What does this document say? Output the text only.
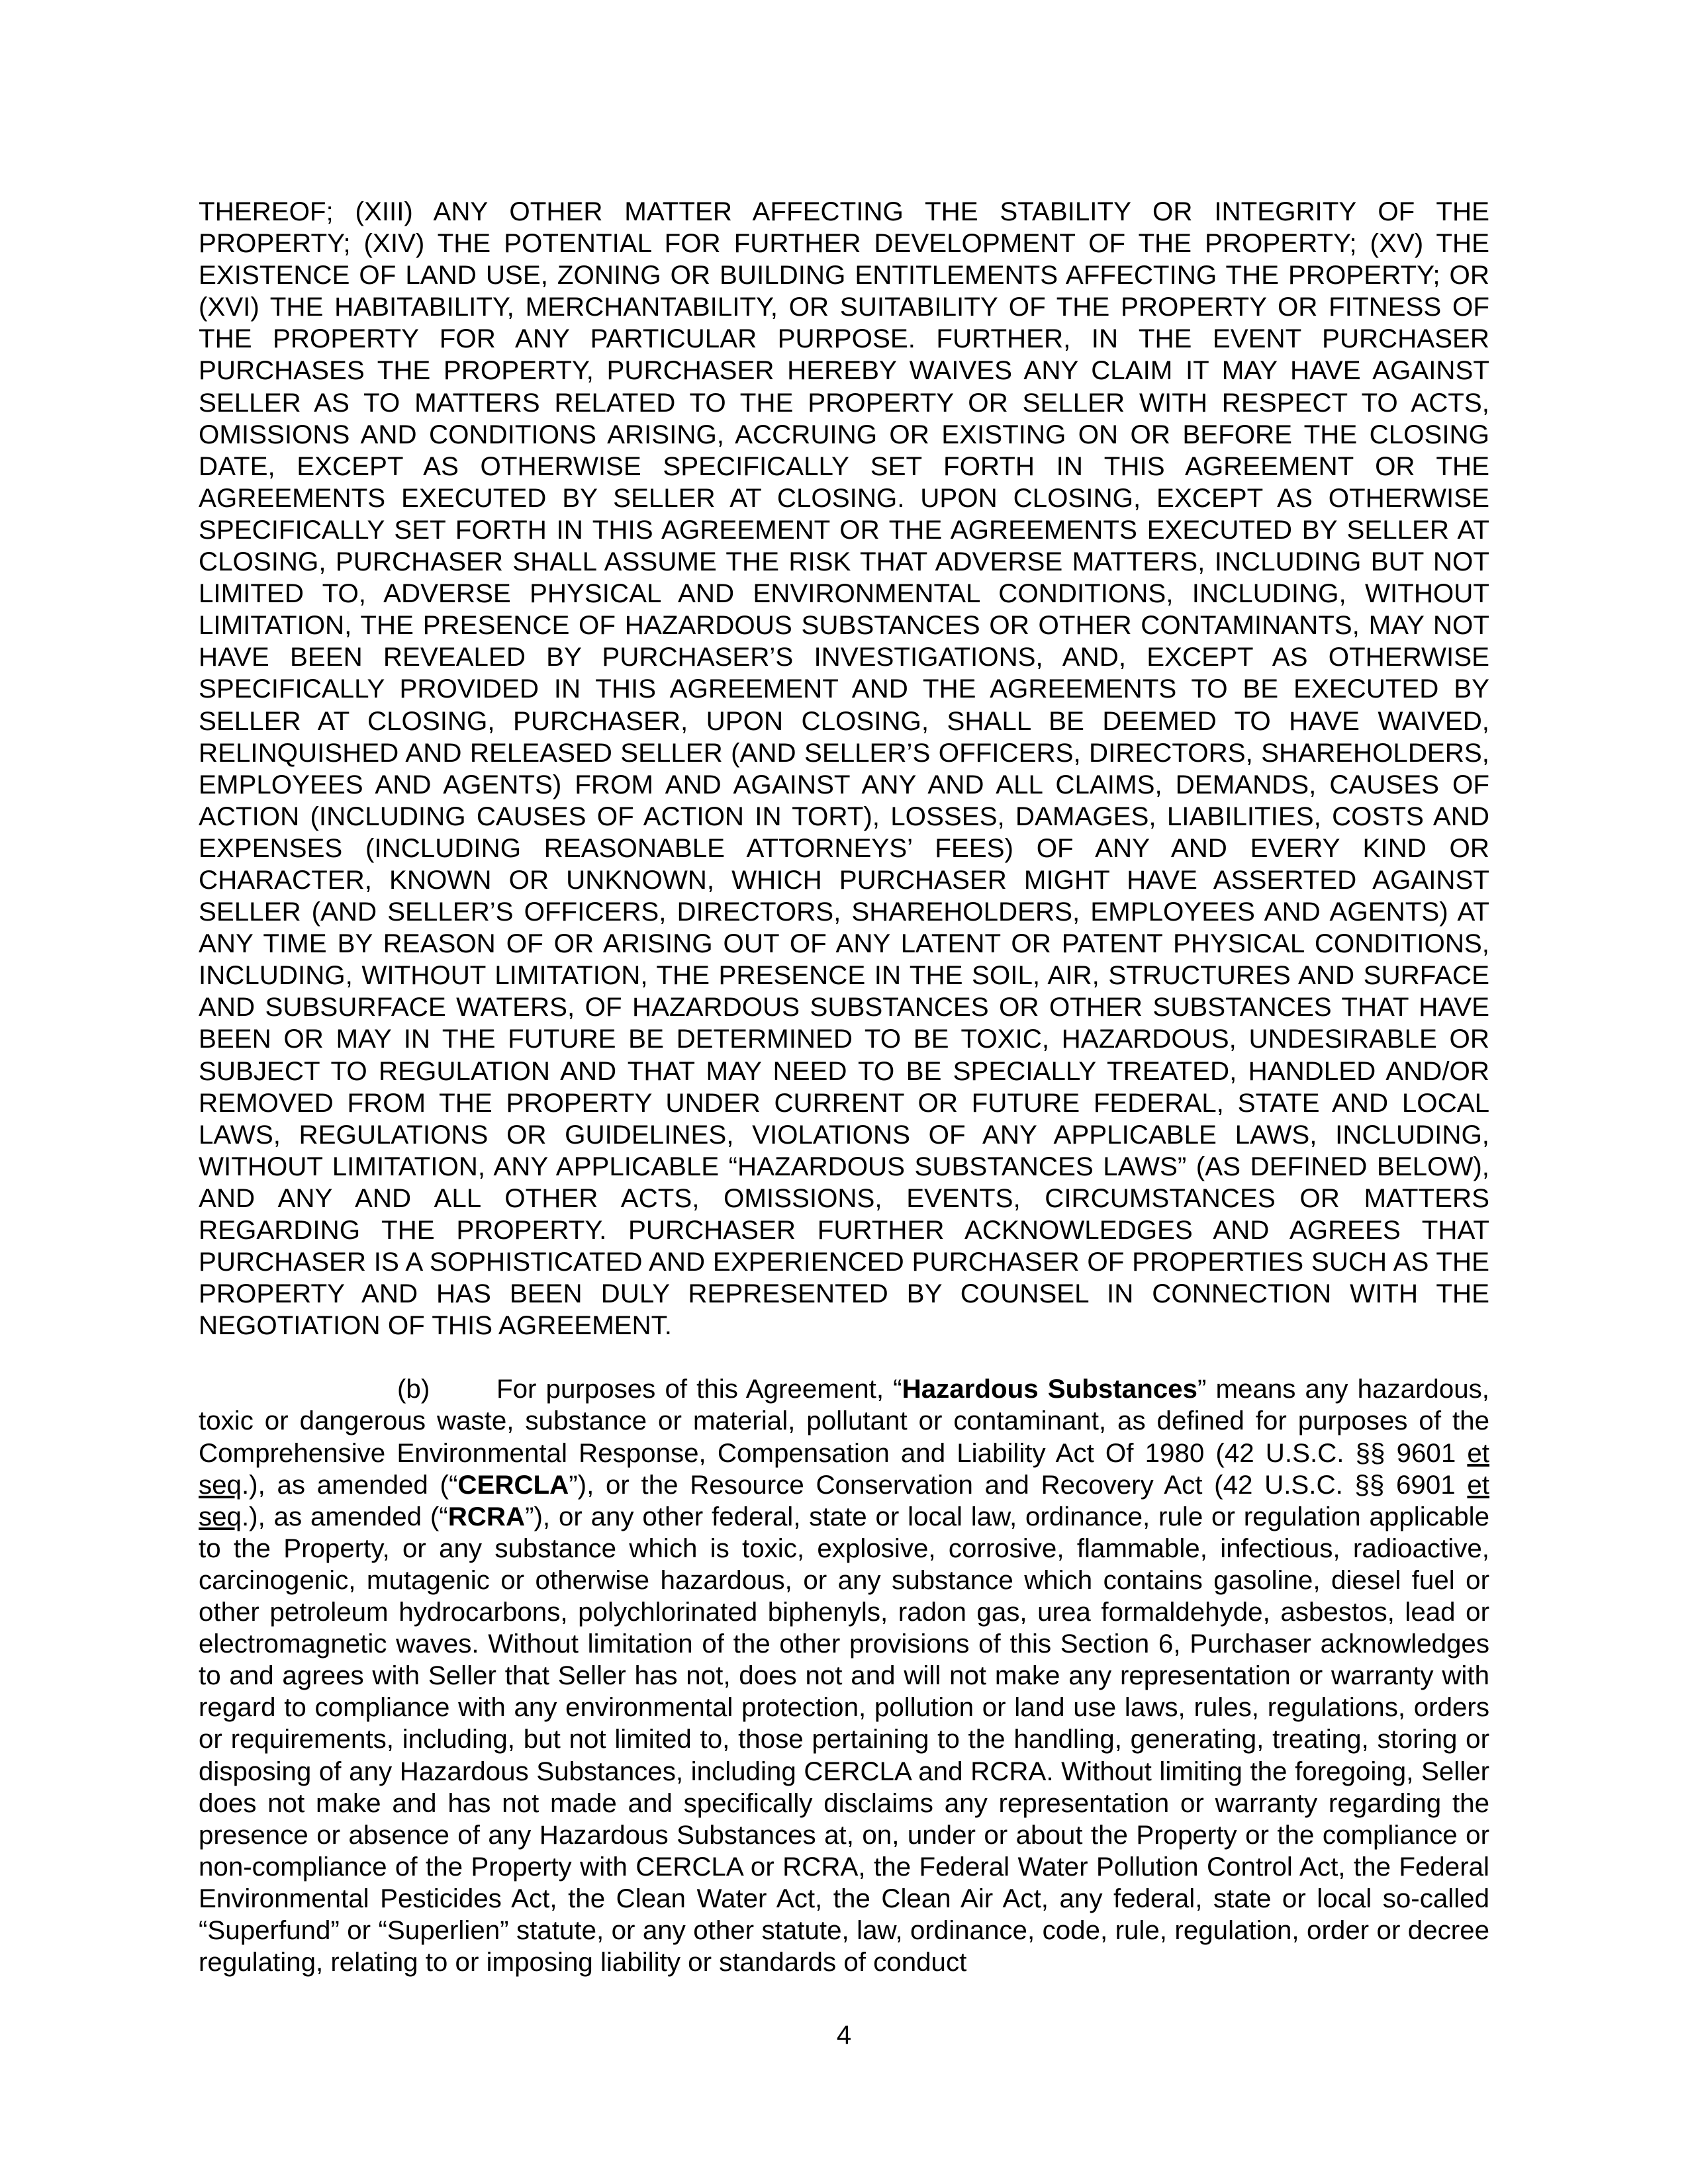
THEREOF; (XIII) ANY OTHER MATTER AFFECTING THE STABILITY OR INTEGRITY OF THE PROPERTY; (XIV) THE POTENTIAL FOR FURTHER DEVELOPMENT OF THE PROPERTY; (XV) THE EXISTENCE OF LAND USE, ZONING OR BUILDING ENTITLEMENTS AFFECTING THE PROPERTY; OR (XVI) THE HABITABILITY, MERCHANTABILITY, OR SUITABILITY OF THE PROPERTY OR FITNESS OF THE PROPERTY FOR ANY PARTICULAR PURPOSE. FURTHER, IN THE EVENT PURCHASER PURCHASES THE PROPERTY, PURCHASER HEREBY WAIVES ANY CLAIM IT MAY HAVE AGAINST SELLER AS TO MATTERS RELATED TO THE PROPERTY OR SELLER WITH RESPECT TO ACTS, OMISSIONS AND CONDITIONS ARISING, ACCRUING OR EXISTING ON OR BEFORE THE CLOSING DATE, EXCEPT AS OTHERWISE SPECIFICALLY SET FORTH IN THIS AGREEMENT OR THE AGREEMENTS EXECUTED BY SELLER AT CLOSING. UPON CLOSING, EXCEPT AS OTHERWISE SPECIFICALLY SET FORTH IN THIS AGREEMENT OR THE AGREEMENTS EXECUTED BY SELLER AT CLOSING, PURCHASER SHALL ASSUME THE RISK THAT ADVERSE MATTERS, INCLUDING BUT NOT LIMITED TO, ADVERSE PHYSICAL AND ENVIRONMENTAL CONDITIONS, INCLUDING, WITHOUT LIMITATION, THE PRESENCE OF HAZARDOUS SUBSTANCES OR OTHER CONTAMINANTS, MAY NOT HAVE BEEN REVEALED BY PURCHASER’S INVESTIGATIONS, AND, EXCEPT AS OTHERWISE SPECIFICALLY PROVIDED IN THIS AGREEMENT AND THE AGREEMENTS TO BE EXECUTED BY SELLER AT CLOSING, PURCHASER, UPON CLOSING, SHALL BE DEEMED TO HAVE WAIVED, RELINQUISHED AND RELEASED SELLER (AND SELLER’S OFFICERS, DIRECTORS, SHAREHOLDERS, EMPLOYEES AND AGENTS) FROM AND AGAINST ANY AND ALL CLAIMS, DEMANDS, CAUSES OF ACTION (INCLUDING CAUSES OF ACTION IN TORT), LOSSES, DAMAGES, LIABILITIES, COSTS AND EXPENSES (INCLUDING REASONABLE ATTORNEYS’ FEES) OF ANY AND EVERY KIND OR CHARACTER, KNOWN OR UNKNOWN, WHICH PURCHASER MIGHT HAVE ASSERTED AGAINST SELLER (AND SELLER’S OFFICERS, DIRECTORS, SHAREHOLDERS, EMPLOYEES AND AGENTS) AT ANY TIME BY REASON OF OR ARISING OUT OF ANY LATENT OR PATENT PHYSICAL CONDITIONS, INCLUDING, WITHOUT LIMITATION, THE PRESENCE IN THE SOIL, AIR, STRUCTURES AND SURFACE AND SUBSURFACE WATERS, OF HAZARDOUS SUBSTANCES OR OTHER SUBSTANCES THAT HAVE BEEN OR MAY IN THE FUTURE BE DETERMINED TO BE TOXIC, HAZARDOUS, UNDESIRABLE OR SUBJECT TO REGULATION AND THAT MAY NEED TO BE SPECIALLY TREATED, HANDLED AND/OR REMOVED FROM THE PROPERTY UNDER CURRENT OR FUTURE FEDERAL, STATE AND LOCAL LAWS, REGULATIONS OR GUIDELINES, VIOLATIONS OF ANY APPLICABLE LAWS, INCLUDING, WITHOUT LIMITATION, ANY APPLICABLE “HAZARDOUS SUBSTANCES LAWS” (AS DEFINED BELOW), AND ANY AND ALL OTHER ACTS, OMISSIONS, EVENTS, CIRCUMSTANCES OR MATTERS REGARDING THE PROPERTY. PURCHASER FURTHER ACKNOWLEDGES AND AGREES THAT PURCHASER IS A SOPHISTICATED AND EXPERIENCED PURCHASER OF PROPERTIES SUCH AS THE PROPERTY AND HAS BEEN DULY REPRESENTED BY COUNSEL IN CONNECTION WITH THE NEGOTIATION OF THIS AGREEMENT.

(b)	For purposes of this Agreement, “Hazardous Substances” means any hazardous, toxic or dangerous waste, substance or material, pollutant or contaminant, as defined for purposes of the Comprehensive Environmental Response, Compensation and Liability Act Of 1980 (42 U.S.C. §§ 9601 et seq.), as amended (“CERCLA”), or the Resource Conservation and Recovery Act (42 U.S.C. §§ 6901 et seq.), as amended (“RCRA”), or any other federal, state or local law, ordinance, rule or regulation applicable to the Property, or any substance which is toxic, explosive, corrosive, flammable, infectious, radioactive, carcinogenic, mutagenic or otherwise hazardous, or any substance which contains gasoline, diesel fuel or other petroleum hydrocarbons, polychlorinated biphenyls, radon gas, urea formaldehyde, asbestos, lead or electromagnetic waves. Without limitation of the other provisions of this Section 6, Purchaser acknowledges to and agrees with Seller that Seller has not, does not and will not make any representation or warranty with regard to compliance with any environmental protection, pollution or land use laws, rules, regulations, orders or requirements, including, but not limited to, those pertaining to the handling, generating, treating, storing or disposing of any Hazardous Substances, including CERCLA and RCRA. Without limiting the foregoing, Seller does not make and has not made and specifically disclaims any representation or warranty regarding the presence or absence of any Hazardous Substances at, on, under or about the Property or the compliance or non-compliance of the Property with CERCLA or RCRA, the Federal Water Pollution Control Act, the Federal Environmental Pesticides Act, the Clean Water Act, the Clean Air Act, any federal, state or local so-called “Superfund” or “Superlien” statute, or any other statute, law, ordinance, code, rule, regulation, order or decree regulating, relating to or imposing liability or standards of conduct

4
